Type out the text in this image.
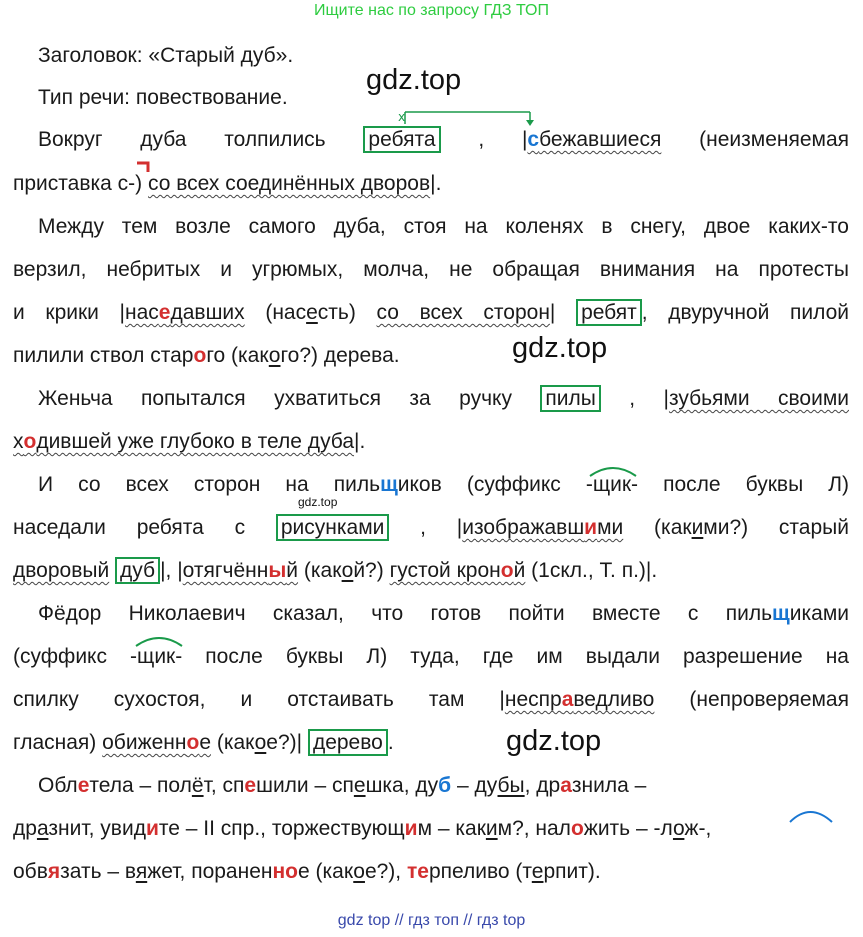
Ищите нас по запросу ГДЗ ТОП
gdz.top
gdz.top
gdz.top
gdz.top
Заголовок: «Старый дуб».
Тип речи: повествование.
Вокруг дуба толпились ребята , |сбежавшиеся (неизменяемая
приставка с-) со всех соединённых дворов|.
Между тем возле самого дуба, стоя на коленях в снегу, двое каких-то
верзил, небритых и угрюмых, молча, не обращая внимания на протесты
и крики |наседавших (насесть) со всех сторон| ребят , двуручной пилой
пилили ствол старого (какого?) дерева.
Женьча попытался ухватиться за ручку пилы , |зубьями своими
ходившей уже глубоко в теле дуба|.
И со всех сторон на пильщиков (суффикс -щик- после буквы Л)
наседали ребята с рисунками , |изображавшими (какими?) старый
дворовый дуб |, |отягчённый (какой?) густой кроной (1скл., Т. п.)|.
Фёдор Николаевич сказал, что готов пойти вместе с пильщиками
(суффикс -щик- после буквы Л) туда, где им выдали разрешение на
спилку сухостоя, и отстаивать там |несправедливо (непроверяемая
гласная) обиженное (какое?)| дерево .
Облетела – полёт, спешили – спешка, дуб – дубы, дразнила –
дразнит, увидите – II спр., торжествующим – каким?, наложить – -лож-,
обвязать – вяжет, пораненное (какое?), терпеливо (терпит).
x
gdz top // гдз топ // гдз top
